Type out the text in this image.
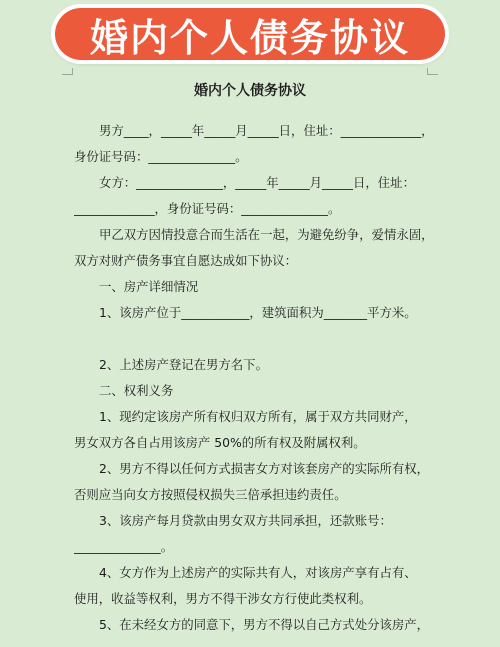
婚内个人债务协议
婚内个人债务协议
男方____，_____年_____月_____日，住址：_____________，
身份证号码：______________。
女方：______________，_____年_____月_____日，住址：
_____________，身份证号码：______________。
甲乙双方因情投意合而生活在一起，为避免纷争，爱情永固，
双方对财产债务事宜自愿达成如下协议：
一、房产详细情况
1、该房产位于___________，建筑面积为_______平方米。
2、上述房产登记在男方名下。
二、权利义务
1、现约定该房产所有权归双方所有，属于双方共同财产，
男女双方各自占用该房产 50%的所有权及附属权利。
2、男方不得以任何方式损害女方对该套房产的实际所有权，
否则应当向女方按照侵权损失三倍承担违约责任。
3、该房产每月贷款由男女双方共同承担，还款账号：
______________。
4、女方作为上述房产的实际共有人，对该房产享有占有、
使用，收益等权利，男方不得干涉女方行使此类权利。
5、在未经女方的同意下，男方不得以自己方式处分该房产，
